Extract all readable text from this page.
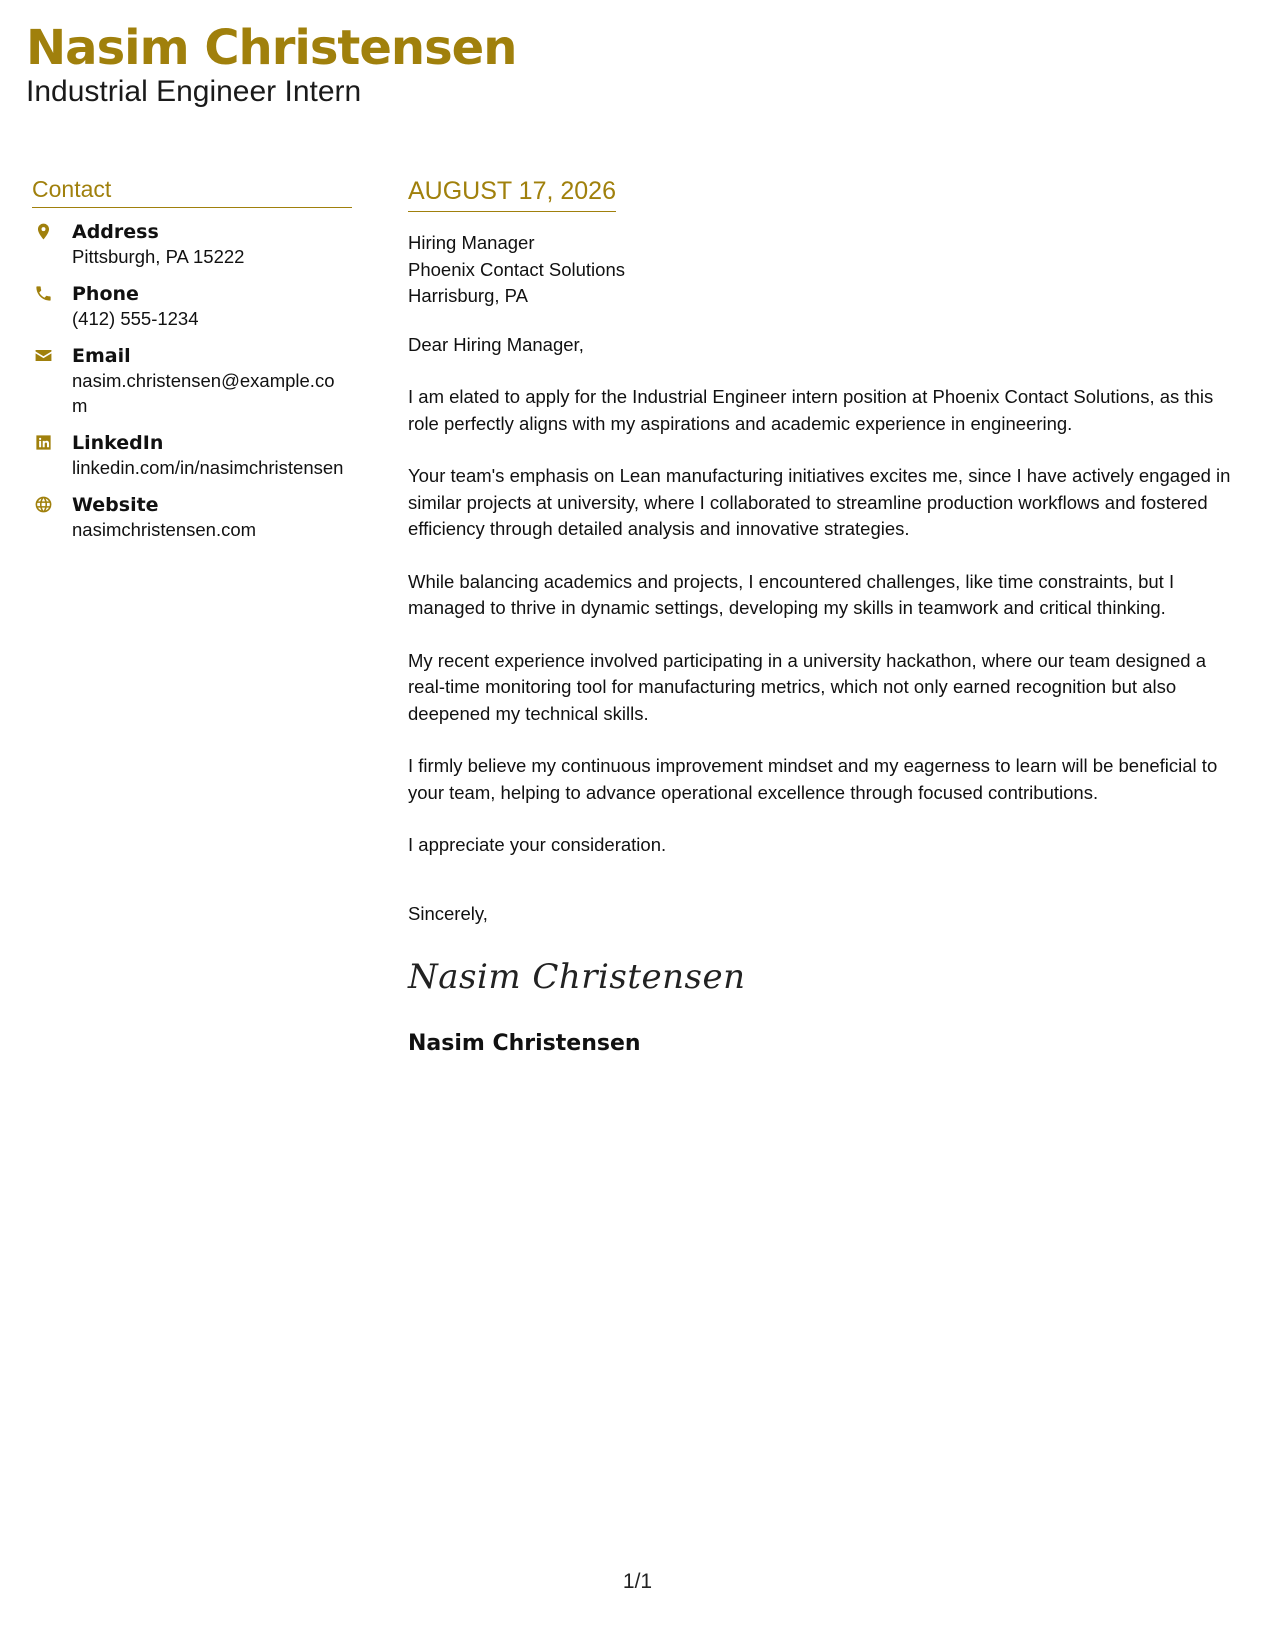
Nasim Christensen
Industrial Engineer Intern
Contact
Address
Pittsburgh, PA 15222
Phone
(412) 555-1234
Email
nasim.christensen@example.com
LinkedIn
linkedin.com/in/nasimchristensen
Website
nasimchristensen.com
AUGUST 17, 2026
Hiring Manager
Phoenix Contact Solutions
Harrisburg, PA

Dear Hiring Manager,

I am elated to apply for the Industrial Engineer intern position at Phoenix Contact Solutions, as this role perfectly aligns with my aspirations and academic experience in engineering.

Your team's emphasis on Lean manufacturing initiatives excites me, since I have actively engaged in similar projects at university, where I collaborated to streamline production workflows and fostered efficiency through detailed analysis and innovative strategies.

While balancing academics and projects, I encountered challenges, like time constraints, but I managed to thrive in dynamic settings, developing my skills in teamwork and critical thinking.

My recent experience involved participating in a university hackathon, where our team designed a real-time monitoring tool for manufacturing metrics, which not only earned recognition but also deepened my technical skills.

I firmly believe my continuous improvement mindset and my eagerness to learn will be beneficial to your team, helping to advance operational excellence through focused contributions.

I appreciate your consideration.

Sincerely,
Nasim Christensen
Nasim Christensen
1/1
